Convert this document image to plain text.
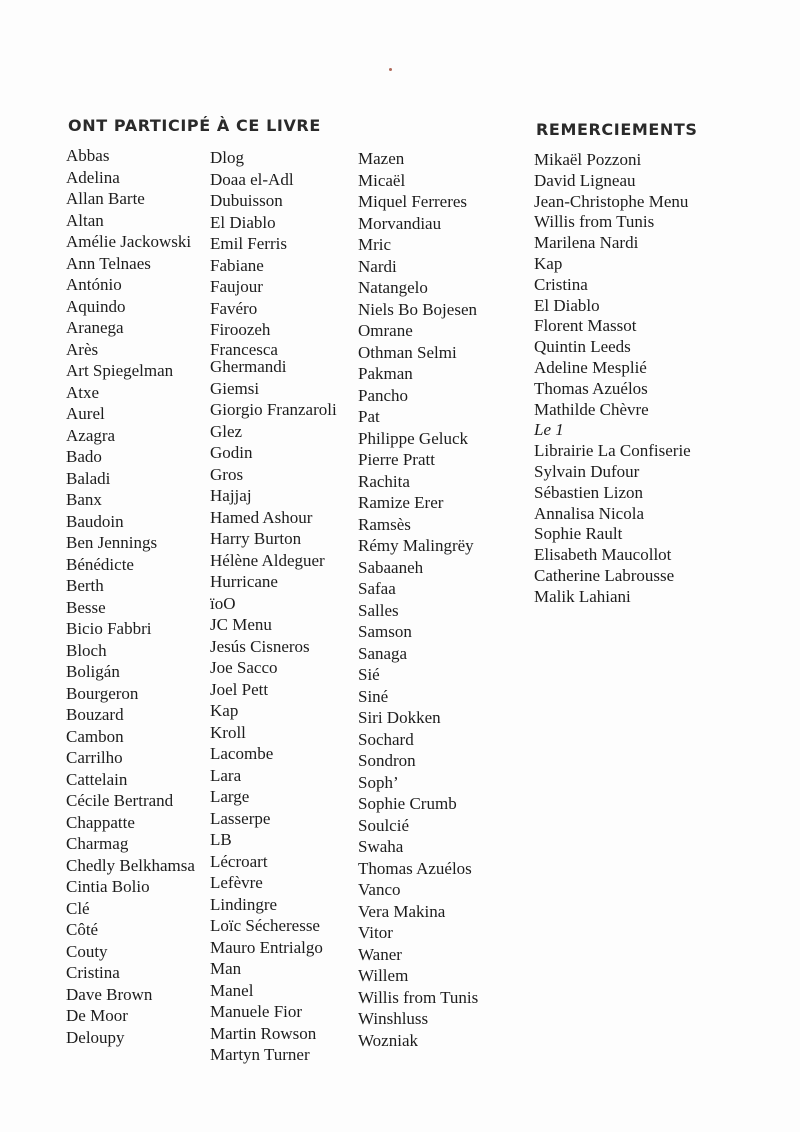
ONT PARTICIPÉ À CE LIVRE
Abbas
Adelina
Allan Barte
Altan
Amélie Jackowski
Ann Telnaes
António
Aquindo
Aranega
Arès
Art Spiegelman
Atxe
Aurel
Azagra
Bado
Baladi
Banx
Baudoin
Ben Jennings
Bénédicte
Berth
Besse
Bicio Fabbri
Bloch
Boligán
Bourgeron
Bouzard
Cambon
Carrilho
Cattelain
Cécile Bertrand
Chappatte
Charmag
Chedly Belkhamsa
Cintia Bolio
Clé
Côté
Couty
Cristina
Dave Brown
De Moor
Deloupy
Dlog
Doaa el-Adl
Dubuisson
El Diablo
Emil Ferris
Fabiane
Faujour
Favéro
Firoozeh
Francesca Ghermandi
Giemsi
Giorgio Franzaroli
Glez
Godin
Gros
Hajjaj
Hamed Ashour
Harry Burton
Hélène Aldeguer
Hurricane
ïoO
JC Menu
Jesús Cisneros
Joe Sacco
Joel Pett
Kap
Kroll
Lacombe
Lara
Large
Lasserpe
LB
Lécroart
Lefèvre
Lindingre
Loïc Sécheresse
Mauro Entrialgo
Man
Manel
Manuele Fior
Martin Rowson
Martyn Turner
Mazen
Micaël
Miquel Ferreres
Morvandiau
Mric
Nardi
Natangelo
Niels Bo Bojesen
Omrane
Othman Selmi
Pakman
Pancho
Pat
Philippe Geluck
Pierre Pratt
Rachita
Ramize Erer
Ramsès
Rémy Malingrëy
Sabaaneh
Safaa
Salles
Samson
Sanaga
Sié
Siné
Siri Dokken
Sochard
Sondron
Soph’
Sophie Crumb
Soulcié
Swaha
Thomas Azuélos
Vanco
Vera Makina
Vitor
Waner
Willem
Willis from Tunis
Winshluss
Wozniak
REMERCIEMENTS
Mikaël Pozzoni
David Ligneau
Jean-Christophe Menu
Willis from Tunis
Marilena Nardi
Kap
Cristina
El Diablo
Florent Massot
Quintin Leeds
Adeline Mesplié
Thomas Azuélos
Mathilde Chèvre
Le 1
Librairie La Confiserie
Sylvain Dufour
Sébastien Lizon
Annalisa Nicola
Sophie Rault
Elisabeth Maucollot
Catherine Labrousse
Malik Lahiani
